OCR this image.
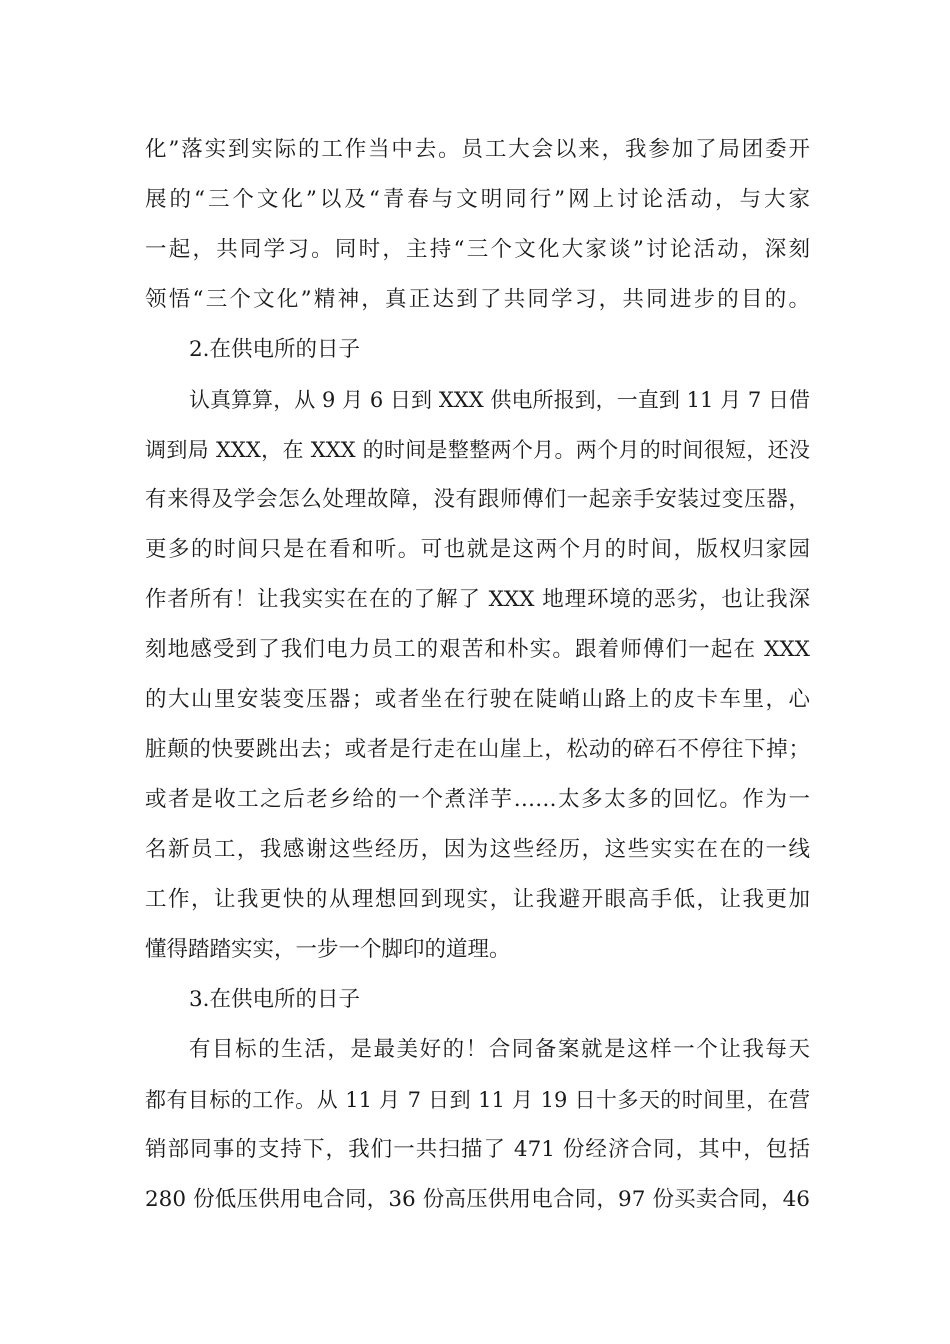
化”落实到实际的工作当中去。员工大会以来，我参加了局团委开
展的“三个文化”以及“青春与文明同行”网上讨论活动，与大家
一起，共同学习。同时，主持“三个文化大家谈”讨论活动，深刻
领悟“三个文化”精神，真正达到了共同学习，共同进步的目的。
2.在供电所的日子
认真算算，从 9 月 6 日到 XXX 供电所报到，一直到 11 月 7 日借
调到局 XXX，在 XXX 的时间是整整两个月。两个月的时间很短，还没
有来得及学会怎么处理故障，没有跟师傅们一起亲手安装过变压器，
更多的时间只是在看和听。可也就是这两个月的时间，版权归家园
作者所有！让我实实在在的了解了 XXX 地理环境的恶劣，也让我深
刻地感受到了我们电力员工的艰苦和朴实。跟着师傅们一起在 XXX
的大山里安装变压器；或者坐在行驶在陡峭山路上的皮卡车里，心
脏颠的快要跳出去；或者是行走在山崖上，松动的碎石不停往下掉；
或者是收工之后老乡给的一个煮洋芋……太多太多的回忆。作为一
名新员工，我感谢这些经历，因为这些经历，这些实实在在的一线
工作，让我更快的从理想回到现实，让我避开眼高手低，让我更加
懂得踏踏实实，一步一个脚印的道理。
3.在供电所的日子
有目标的生活，是最美好的！合同备案就是这样一个让我每天
都有目标的工作。从 11 月 7 日到 11 月 19 日十多天的时间里，在营
销部同事的支持下，我们一共扫描了 471 份经济合同，其中，包括
280 份低压供用电合同，36 份高压供用电合同，97 份买卖合同，46
